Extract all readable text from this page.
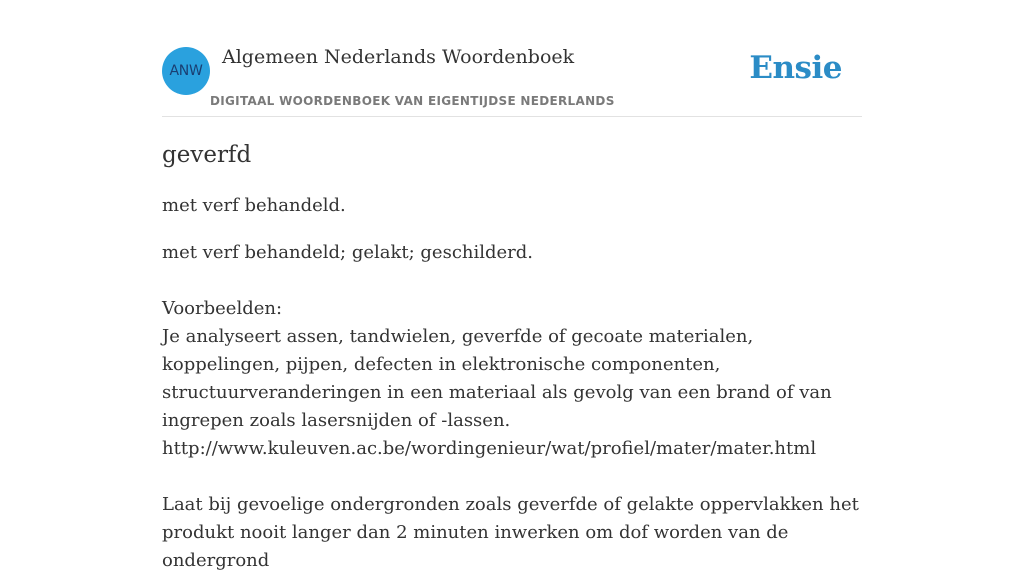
ANW
Algemeen Nederlands Woordenboek
DIGITAAL WOORDENBOEK VAN EIGENTIJDSE NEDERLANDS
Ensie
geverfd

met verf behandeld.

met verf behandeld; gelakt; geschilderd.

Voorbeelden:

Je analyseert assen, tandwielen, geverfde of gecoate materialen, koppelingen, pijpen, defecten in elektronische componenten, structuurveranderingen in een materiaal als gevolg van een brand of van ingrepen zoals lasersnijden of -lassen.
http://www.kuleuven.ac.be/wordingenieur/wat/profiel/mater/mater.html

Laat bij gevoelige ondergronden zoals geverfde of gelakte oppervlakken het produkt nooit langer dan 2 minuten inwerken om dof worden van de ondergrond
